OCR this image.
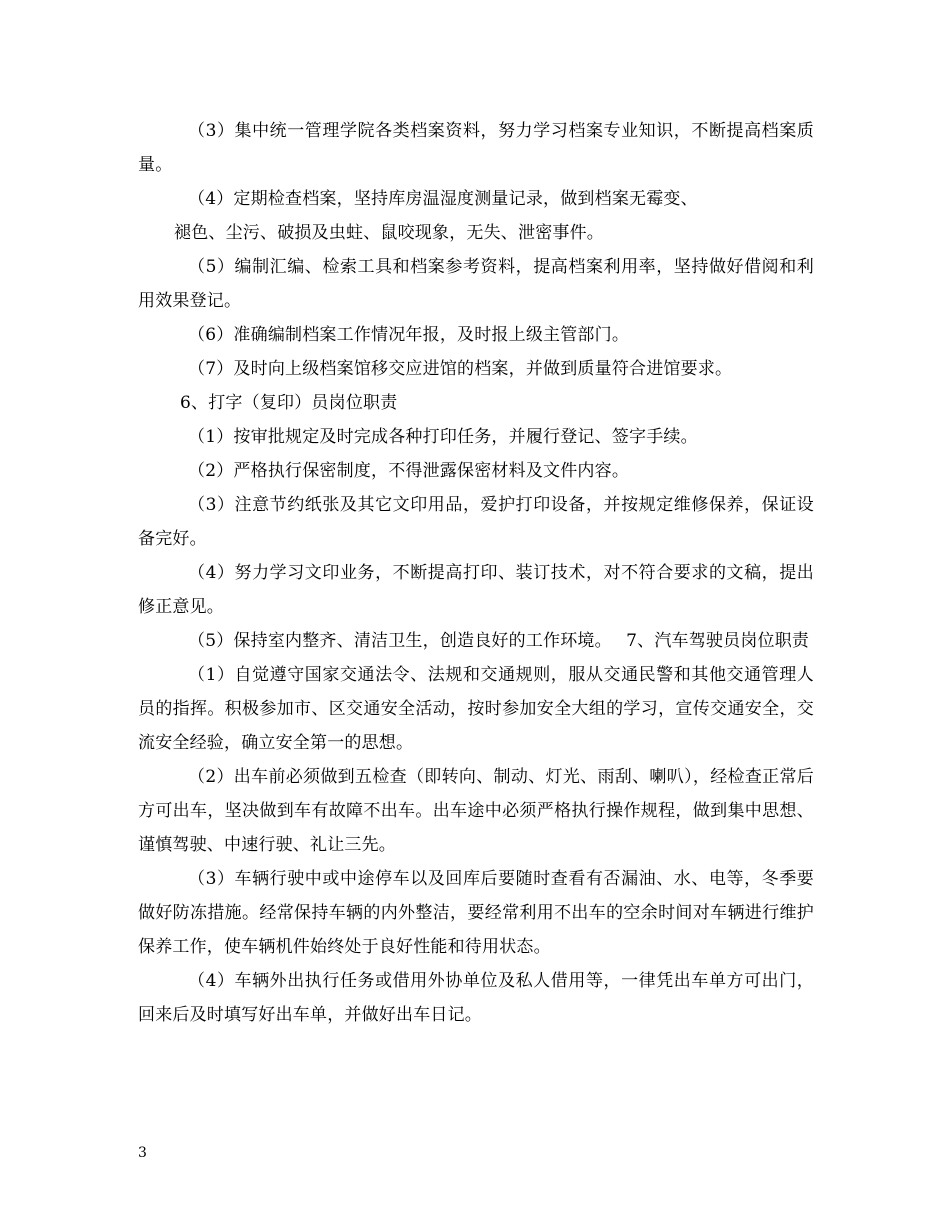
（3）集中统一管理学院各类档案资料，努力学习档案专业知识，不断提高档案质量。

（4）定期检查档案，坚持库房温湿度测量记录，做到档案无霉变、

褪色、尘污、破损及虫蛀、鼠咬现象，无失、泄密事件。

（5）编制汇编、检索工具和档案参考资料，提高档案利用率，坚持做好借阅和利用效果登记。

（6）准确编制档案工作情况年报，及时报上级主管部门。

（7）及时向上级档案馆移交应进馆的档案，并做到质量符合进馆要求。

6、打字（复印）员岗位职责

（1）按审批规定及时完成各种打印任务，并履行登记、签字手续。

（2）严格执行保密制度，不得泄露保密材料及文件内容。

（3）注意节约纸张及其它文印用品，爱护打印设备，并按规定维修保养，保证设备完好。

（4）努力学习文印业务，不断提高打印、装订技术，对不符合要求的文稿，提出修正意见。

（5）保持室内整齐、清洁卫生，创造良好的工作环境。　 7、汽车驾驶员岗位职责

（1）自觉遵守国家交通法令、法规和交通规则，服从交通民警和其他交通管理人员的指挥。积极参加市、区交通安全活动，按时参加安全大组的学习，宣传交通安全，交流安全经验，确立安全第一的思想。

（2）出车前必须做到五检查（即转向、制动、灯光、雨刮、喇叭），经检查正常后方可出车，坚决做到车有故障不出车。出车途中必须严格执行操作规程，做到集中思想、谨慎驾驶、中速行驶、礼让三先。

（3）车辆行驶中或中途停车以及回库后要随时查看有否漏油、水、电等，冬季要做好防冻措施。经常保持车辆的内外整洁，要经常利用不出车的空余时间对车辆进行维护保养工作，使车辆机件始终处于良好性能和待用状态。

（4）车辆外出执行任务或借用外协单位及私人借用等，一律凭出车单方可出门，回来后及时填写好出车单，并做好出车日记。

3
